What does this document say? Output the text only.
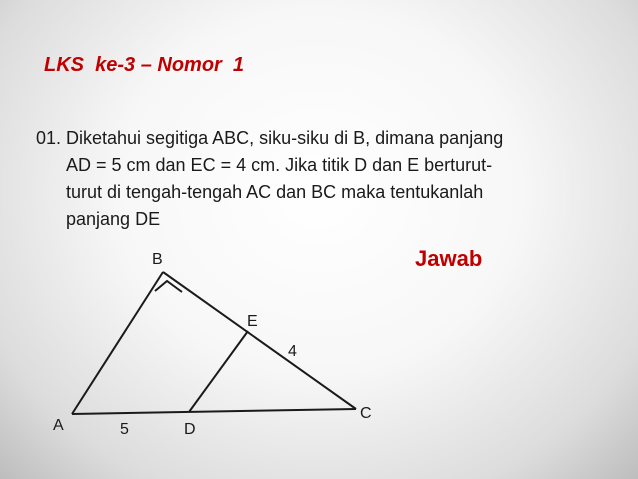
LKS  ke-3 – Nomor  1
01. Diketahui segitiga ABC, siku-siku di B, dimana panjang
AD = 5 cm dan EC = 4 cm. Jika titik D dan E berturut-
turut di tengah-tengah AC dan BC maka tentukanlah
panjang DE
Jawab
B
E
4
C
A	5	D
